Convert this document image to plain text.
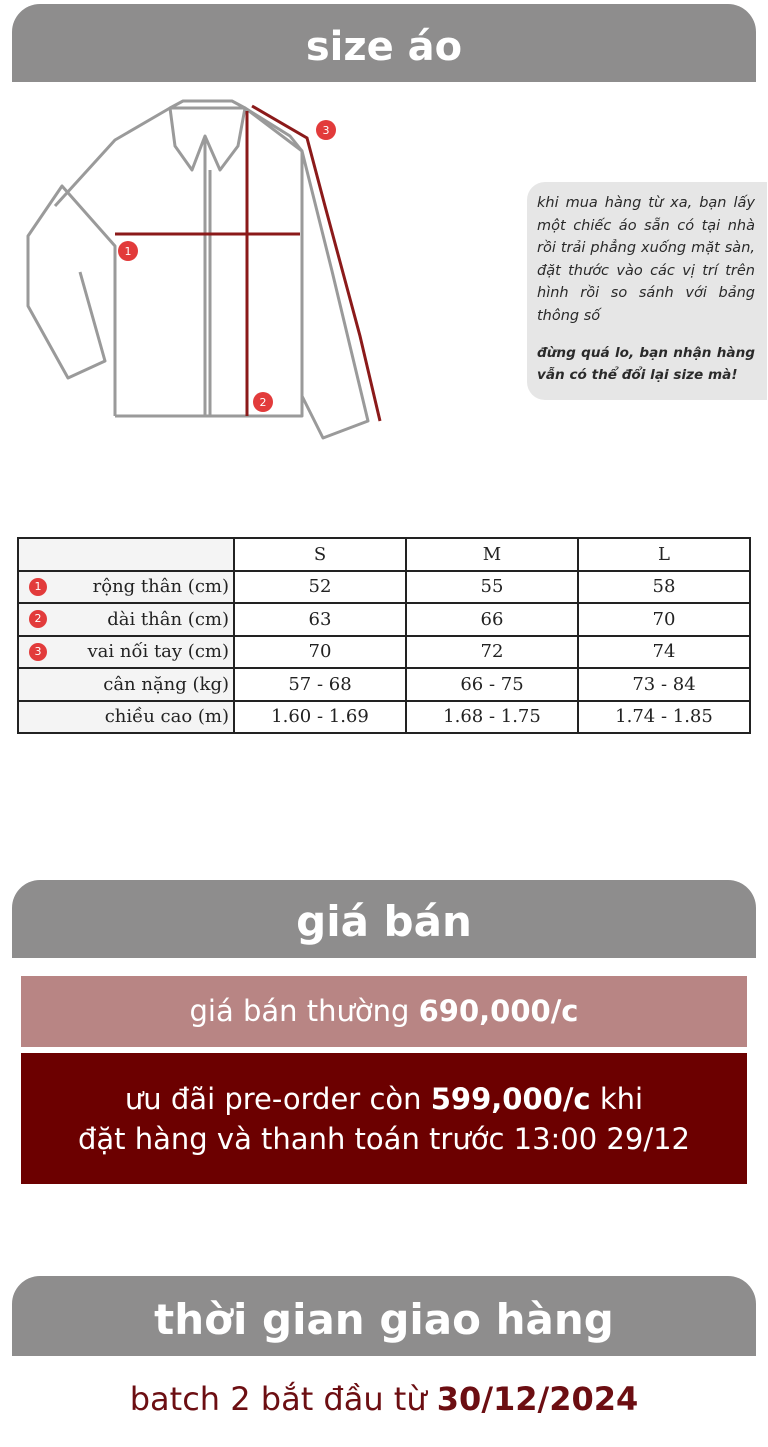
size áo
1
2
3

khi mua hàng từ xa, bạn lấy một chiếc áo sẵn có tại nhà rồi trải phẳng xuống mặt sàn, đặt thước vào các vị trí trên hình rồi so sánh với bảng thông số

đừng quá lo, bạn nhận hàng vẫn có thể đổi lại size mà!

	S	M	L

1 rộng thân (cm)	52	55	58

2 dài thân (cm)	63	66	70

3 vai nối tay (cm)	70	72	74
cân nặng (kg)	57 - 68	66 - 75	73 - 84
chiều cao (m)	1.60 - 1.69	1.68 - 1.75	1.74 - 1.85
giá bán
giá bán thường 690,000/c
ưu đãi pre-order còn 599,000/c khi
đặt hàng và thanh toán trước 13:00 29/12
thời gian giao hàng
batch 2 bắt đầu từ 30/12/2024
